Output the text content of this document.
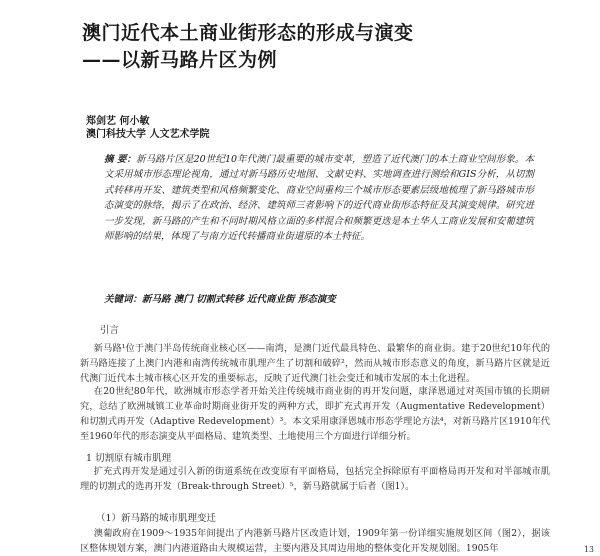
澳门近代本土商业街形态的形成与演变
——以新马路片区为例
郑剑艺 何小敏
澳门科技大学 人文艺术学院
摘 要：新马路片区是20世纪10年代澳门最重要的城市变革，塑造了近代澳门的本土商业空间形象。本文采用城市形态理论视角，通过对新马路历史地图、文献史料、实地调查进行测绘和GIS分析，从切割式转移再开发、建筑类型和风格频繁变化、商业空间重构三个城市形态要素层级地梳理了新马路城市形态演变的脉络，揭示了在政治、经济、建筑师三者影响下的近代商业街形态特征及其演变规律。研究进一步发现，新马路的产生和不同时期风格立面的多样混合和频繁更迭是本土华人工商业发展和安葡建筑师影响的结果，体现了与南方近代转播商业街道原的本土特征。
关键词：新马路 澳门 切割式转移 近代商业街 形态演变
引言
新马路¹位于澳门半岛传统商业核心区——南湾，是澳门近代最具特色、最繁华的商业街。建于20世纪10年代的新马路连接了上澳门内港和南湾传统城市肌理产生了切割和破碎²，然而从城市形态意义的角度，新马路片区就是近代澳门近代本土城市核心区开发的重要标志，反映了近代澳门社会变迁和城市发展的本土化进程。
在20世纪80年代，欧洲城市形态学者开始关注传统城市商业街的再开发问题，康泽恩通过对英国市镇的长期研究，总结了欧洲城镇工业革命时期商业街开发的两种方式，即扩充式再开发（Augmentative Redevelopment）和切割式再开发（Adaptive Redevelopment）³。本文采用康泽恩城市形态学理论方法⁴，对新马路片区1910年代至1960年代的形态演变从平面格局、建筑类型、土地使用三个方面进行详细分析。
1 切割原有城市肌理
扩充式再开发是通过引入新的街道系统在改变原有平面格局，包括完全拆除原有平面格局再开发和对半部城市肌理的切割式的选再开发（Break-through Street）⁵，新马路就属于后者（图1）。
（1）新马路的城市肌理变迁
澳葡政府在1909～1935年间提出了内港新马路片区改造计划，1909年第一份详细实施规划区间（图2），据该区整体规划方案，澳门内港道路由大规模运营，主要内港及其周边用地的整体变化开发规划图。1905年	13
